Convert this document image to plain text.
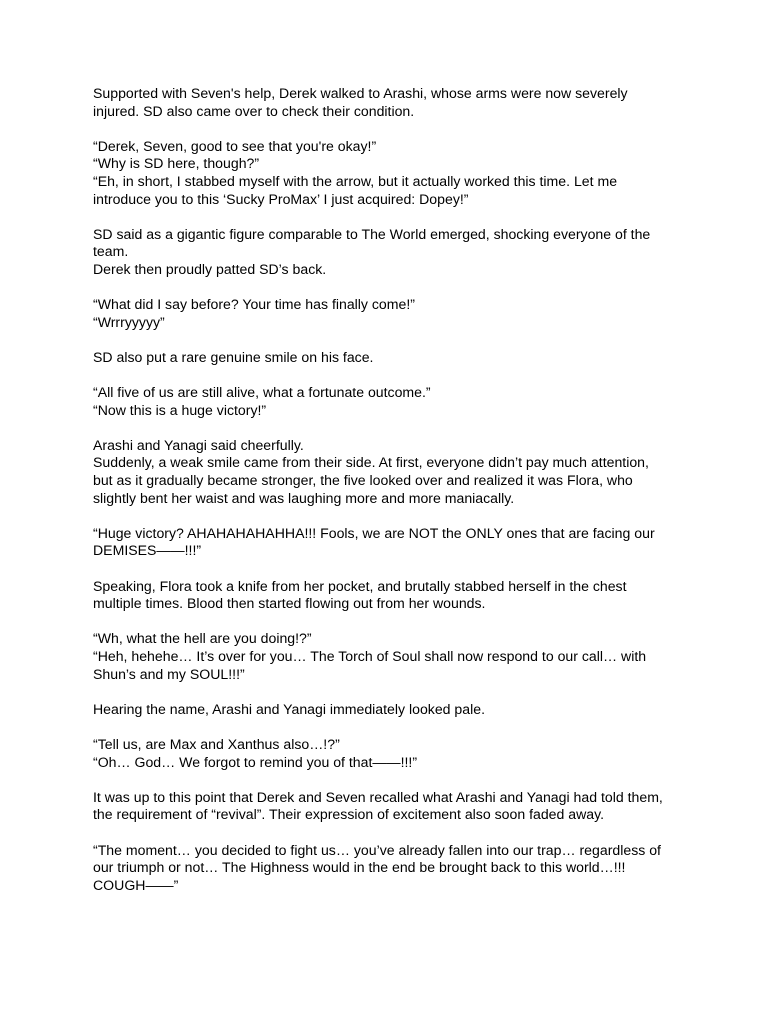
Supported with Seven's help, Derek walked to Arashi, whose arms were now severely
injured. SD also came over to check their condition.
“Derek, Seven, good to see that you're okay!”
“Why is SD here, though?”
“Eh, in short, I stabbed myself with the arrow, but it actually worked this time. Let me
introduce you to this ‘Sucky ProMax’ I just acquired: Dopey!”
SD said as a gigantic figure comparable to The World emerged, shocking everyone of the
team.
Derek then proudly patted SD’s back.
“What did I say before? Your time has finally come!”
“Wrrryyyyy”
SD also put a rare genuine smile on his face.
“All five of us are still alive, what a fortunate outcome.”
“Now this is a huge victory!”
Arashi and Yanagi said cheerfully.
Suddenly, a weak smile came from their side. At first, everyone didn’t pay much attention,
but as it gradually became stronger, the five looked over and realized it was Flora, who
slightly bent her waist and was laughing more and more maniacally.
“Huge victory? AHAHAHAHAHHA!!! Fools, we are NOT the ONLY ones that are facing our
DEMISES——!!!”
Speaking, Flora took a knife from her pocket, and brutally stabbed herself in the chest
multiple times. Blood then started flowing out from her wounds.
“Wh, what the hell are you doing!?”
“Heh, hehehe… It’s over for you… The Torch of Soul shall now respond to our call… with
Shun’s and my SOUL!!!”
Hearing the name, Arashi and Yanagi immediately looked pale.
“Tell us, are Max and Xanthus also…!?”
“Oh… God… We forgot to remind you of that——!!!”
It was up to this point that Derek and Seven recalled what Arashi and Yanagi had told them,
the requirement of “revival”. Their expression of excitement also soon faded away.
“The moment… you decided to fight us… you’ve already fallen into our trap… regardless of
our triumph or not… The Highness would in the end be brought back to this world…!!!
COUGH——”
